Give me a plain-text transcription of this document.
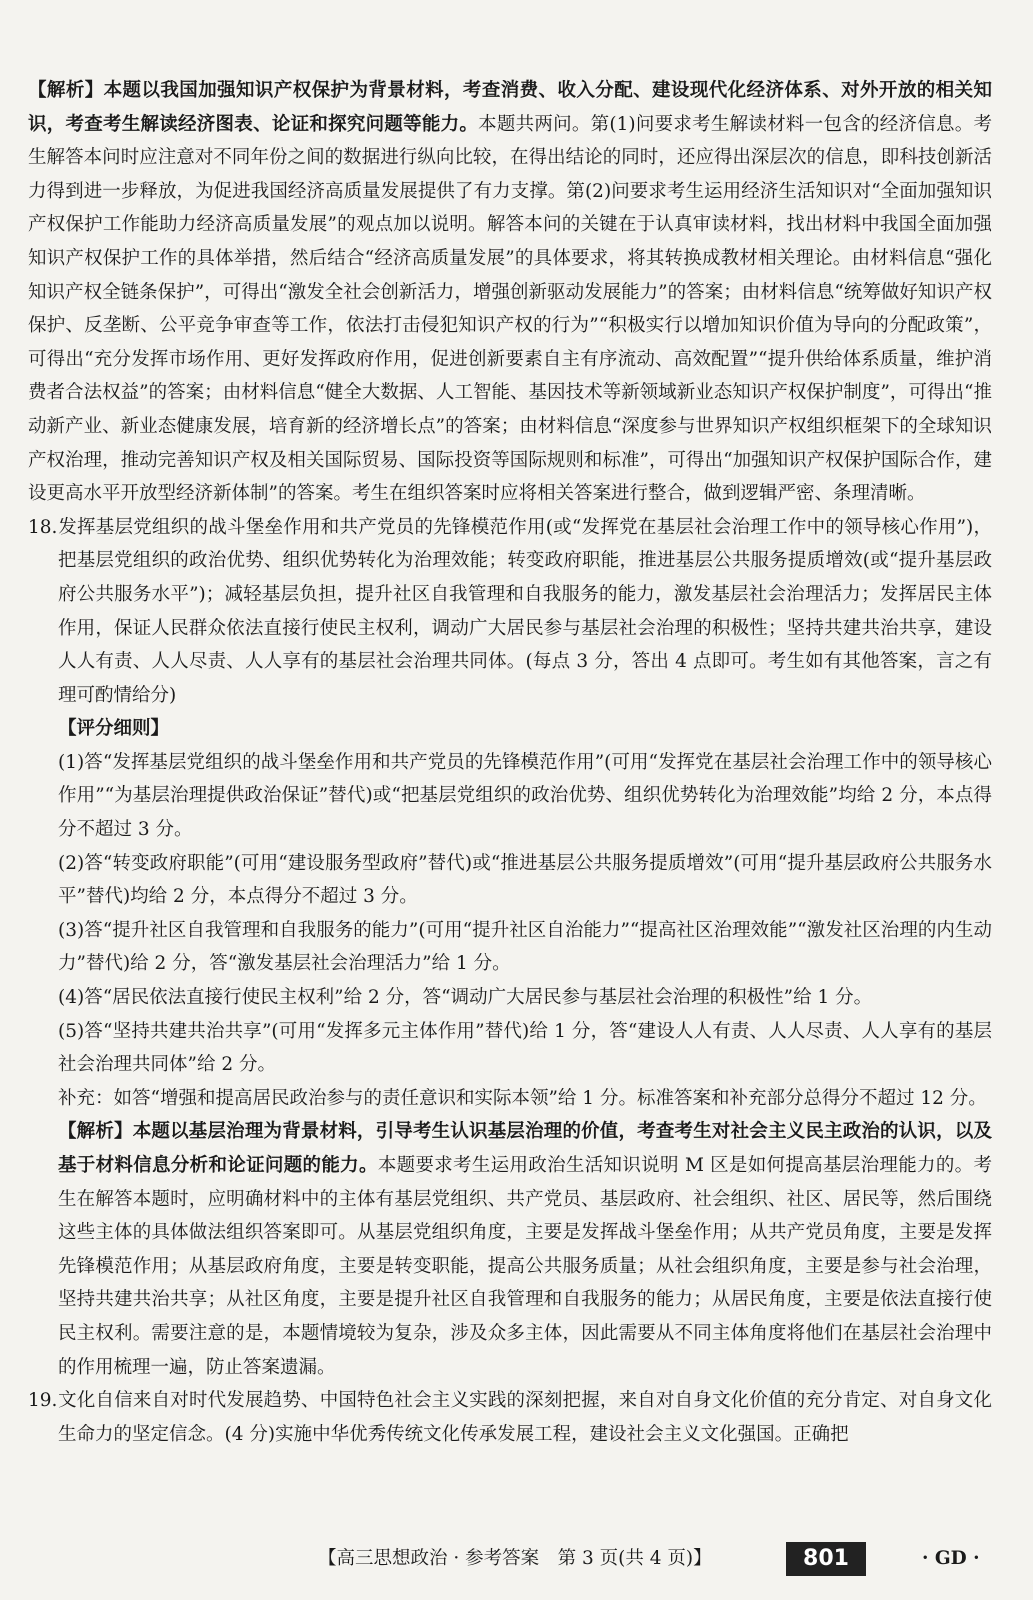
【解析】本题以我国加强知识产权保护为背景材料，考查消费、收入分配、建设现代化经济体系、对外开放的相关知识，考查考生解读经济图表、论证和探究问题等能力。本题共两问。第(1)问要求考生解读材料一包含的经济信息。考生解答本问时应注意对不同年份之间的数据进行纵向比较，在得出结论的同时，还应得出深层次的信息，即科技创新活力得到进一步释放，为促进我国经济高质量发展提供了有力支撑。第(2)问要求考生运用经济生活知识对“全面加强知识产权保护工作能助力经济高质量发展”的观点加以说明。解答本问的关键在于认真审读材料，找出材料中我国全面加强知识产权保护工作的具体举措，然后结合“经济高质量发展”的具体要求，将其转换成教材相关理论。由材料信息“强化知识产权全链条保护”，可得出“激发全社会创新活力，增强创新驱动发展能力”的答案；由材料信息“统筹做好知识产权保护、反垄断、公平竞争审查等工作，依法打击侵犯知识产权的行为”“积极实行以增加知识价值为导向的分配政策”，可得出“充分发挥市场作用、更好发挥政府作用，促进创新要素自主有序流动、高效配置”“提升供给体系质量，维护消费者合法权益”的答案；由材料信息“健全大数据、人工智能、基因技术等新领域新业态知识产权保护制度”，可得出“推动新产业、新业态健康发展，培育新的经济增长点”的答案；由材料信息“深度参与世界知识产权组织框架下的全球知识产权治理，推动完善知识产权及相关国际贸易、国际投资等国际规则和标准”，可得出“加强知识产权保护国际合作，建设更高水平开放型经济新体制”的答案。考生在组织答案时应将相关答案进行整合，做到逻辑严密、条理清晰。

18.发挥基层党组织的战斗堡垒作用和共产党员的先锋模范作用(或“发挥党在基层社会治理工作中的领导核心作用”)，把基层党组织的政治优势、组织优势转化为治理效能；转变政府职能，推进基层公共服务提质增效(或“提升基层政府公共服务水平”)；减轻基层负担，提升社区自我管理和自我服务的能力，激发基层社会治理活力；发挥居民主体作用，保证人民群众依法直接行使民主权利，调动广大居民参与基层社会治理的积极性；坚持共建共治共享，建设人人有责、人人尽责、人人享有的基层社会治理共同体。(每点 3 分，答出 4 点即可。考生如有其他答案，言之有理可酌情给分)

【评分细则】

(1)答“发挥基层党组织的战斗堡垒作用和共产党员的先锋模范作用”(可用“发挥党在基层社会治理工作中的领导核心作用”“为基层治理提供政治保证”替代)或“把基层党组织的政治优势、组织优势转化为治理效能”均给 2 分，本点得分不超过 3 分。

(2)答“转变政府职能”(可用“建设服务型政府”替代)或“推进基层公共服务提质增效”(可用“提升基层政府公共服务水平”替代)均给 2 分，本点得分不超过 3 分。

(3)答“提升社区自我管理和自我服务的能力”(可用“提升社区自治能力”“提高社区治理效能”“激发社区治理的内生动力”替代)给 2 分，答“激发基层社会治理活力”给 1 分。

(4)答“居民依法直接行使民主权利”给 2 分，答“调动广大居民参与基层社会治理的积极性”给 1 分。

(5)答“坚持共建共治共享”(可用“发挥多元主体作用”替代)给 1 分，答“建设人人有责、人人尽责、人人享有的基层社会治理共同体”给 2 分。

补充：如答“增强和提高居民政治参与的责任意识和实际本领”给 1 分。标准答案和补充部分总得分不超过 12 分。

【解析】本题以基层治理为背景材料，引导考生认识基层治理的价值，考查考生对社会主义民主政治的认识，以及基于材料信息分析和论证问题的能力。本题要求考生运用政治生活知识说明 M 区是如何提高基层治理能力的。考生在解答本题时，应明确材料中的主体有基层党组织、共产党员、基层政府、社会组织、社区、居民等，然后围绕这些主体的具体做法组织答案即可。从基层党组织角度，主要是发挥战斗堡垒作用；从共产党员角度，主要是发挥先锋模范作用；从基层政府角度，主要是转变职能，提高公共服务质量；从社会组织角度，主要是参与社会治理，坚持共建共治共享；从社区角度，主要是提升社区自我管理和自我服务的能力；从居民角度，主要是依法直接行使民主权利。需要注意的是，本题情境较为复杂，涉及众多主体，因此需要从不同主体角度将他们在基层社会治理中的作用梳理一遍，防止答案遗漏。

19.文化自信来自对时代发展趋势、中国特色社会主义实践的深刻把握，来自对自身文化价值的充分肯定、对自身文化生命力的坚定信念。(4 分)实施中华优秀传统文化传承发展工程，建设社会主义文化强国。正确把

【高三思想政治 · 参考答案　第 3 页(共 4 页)】	801	· GD ·
